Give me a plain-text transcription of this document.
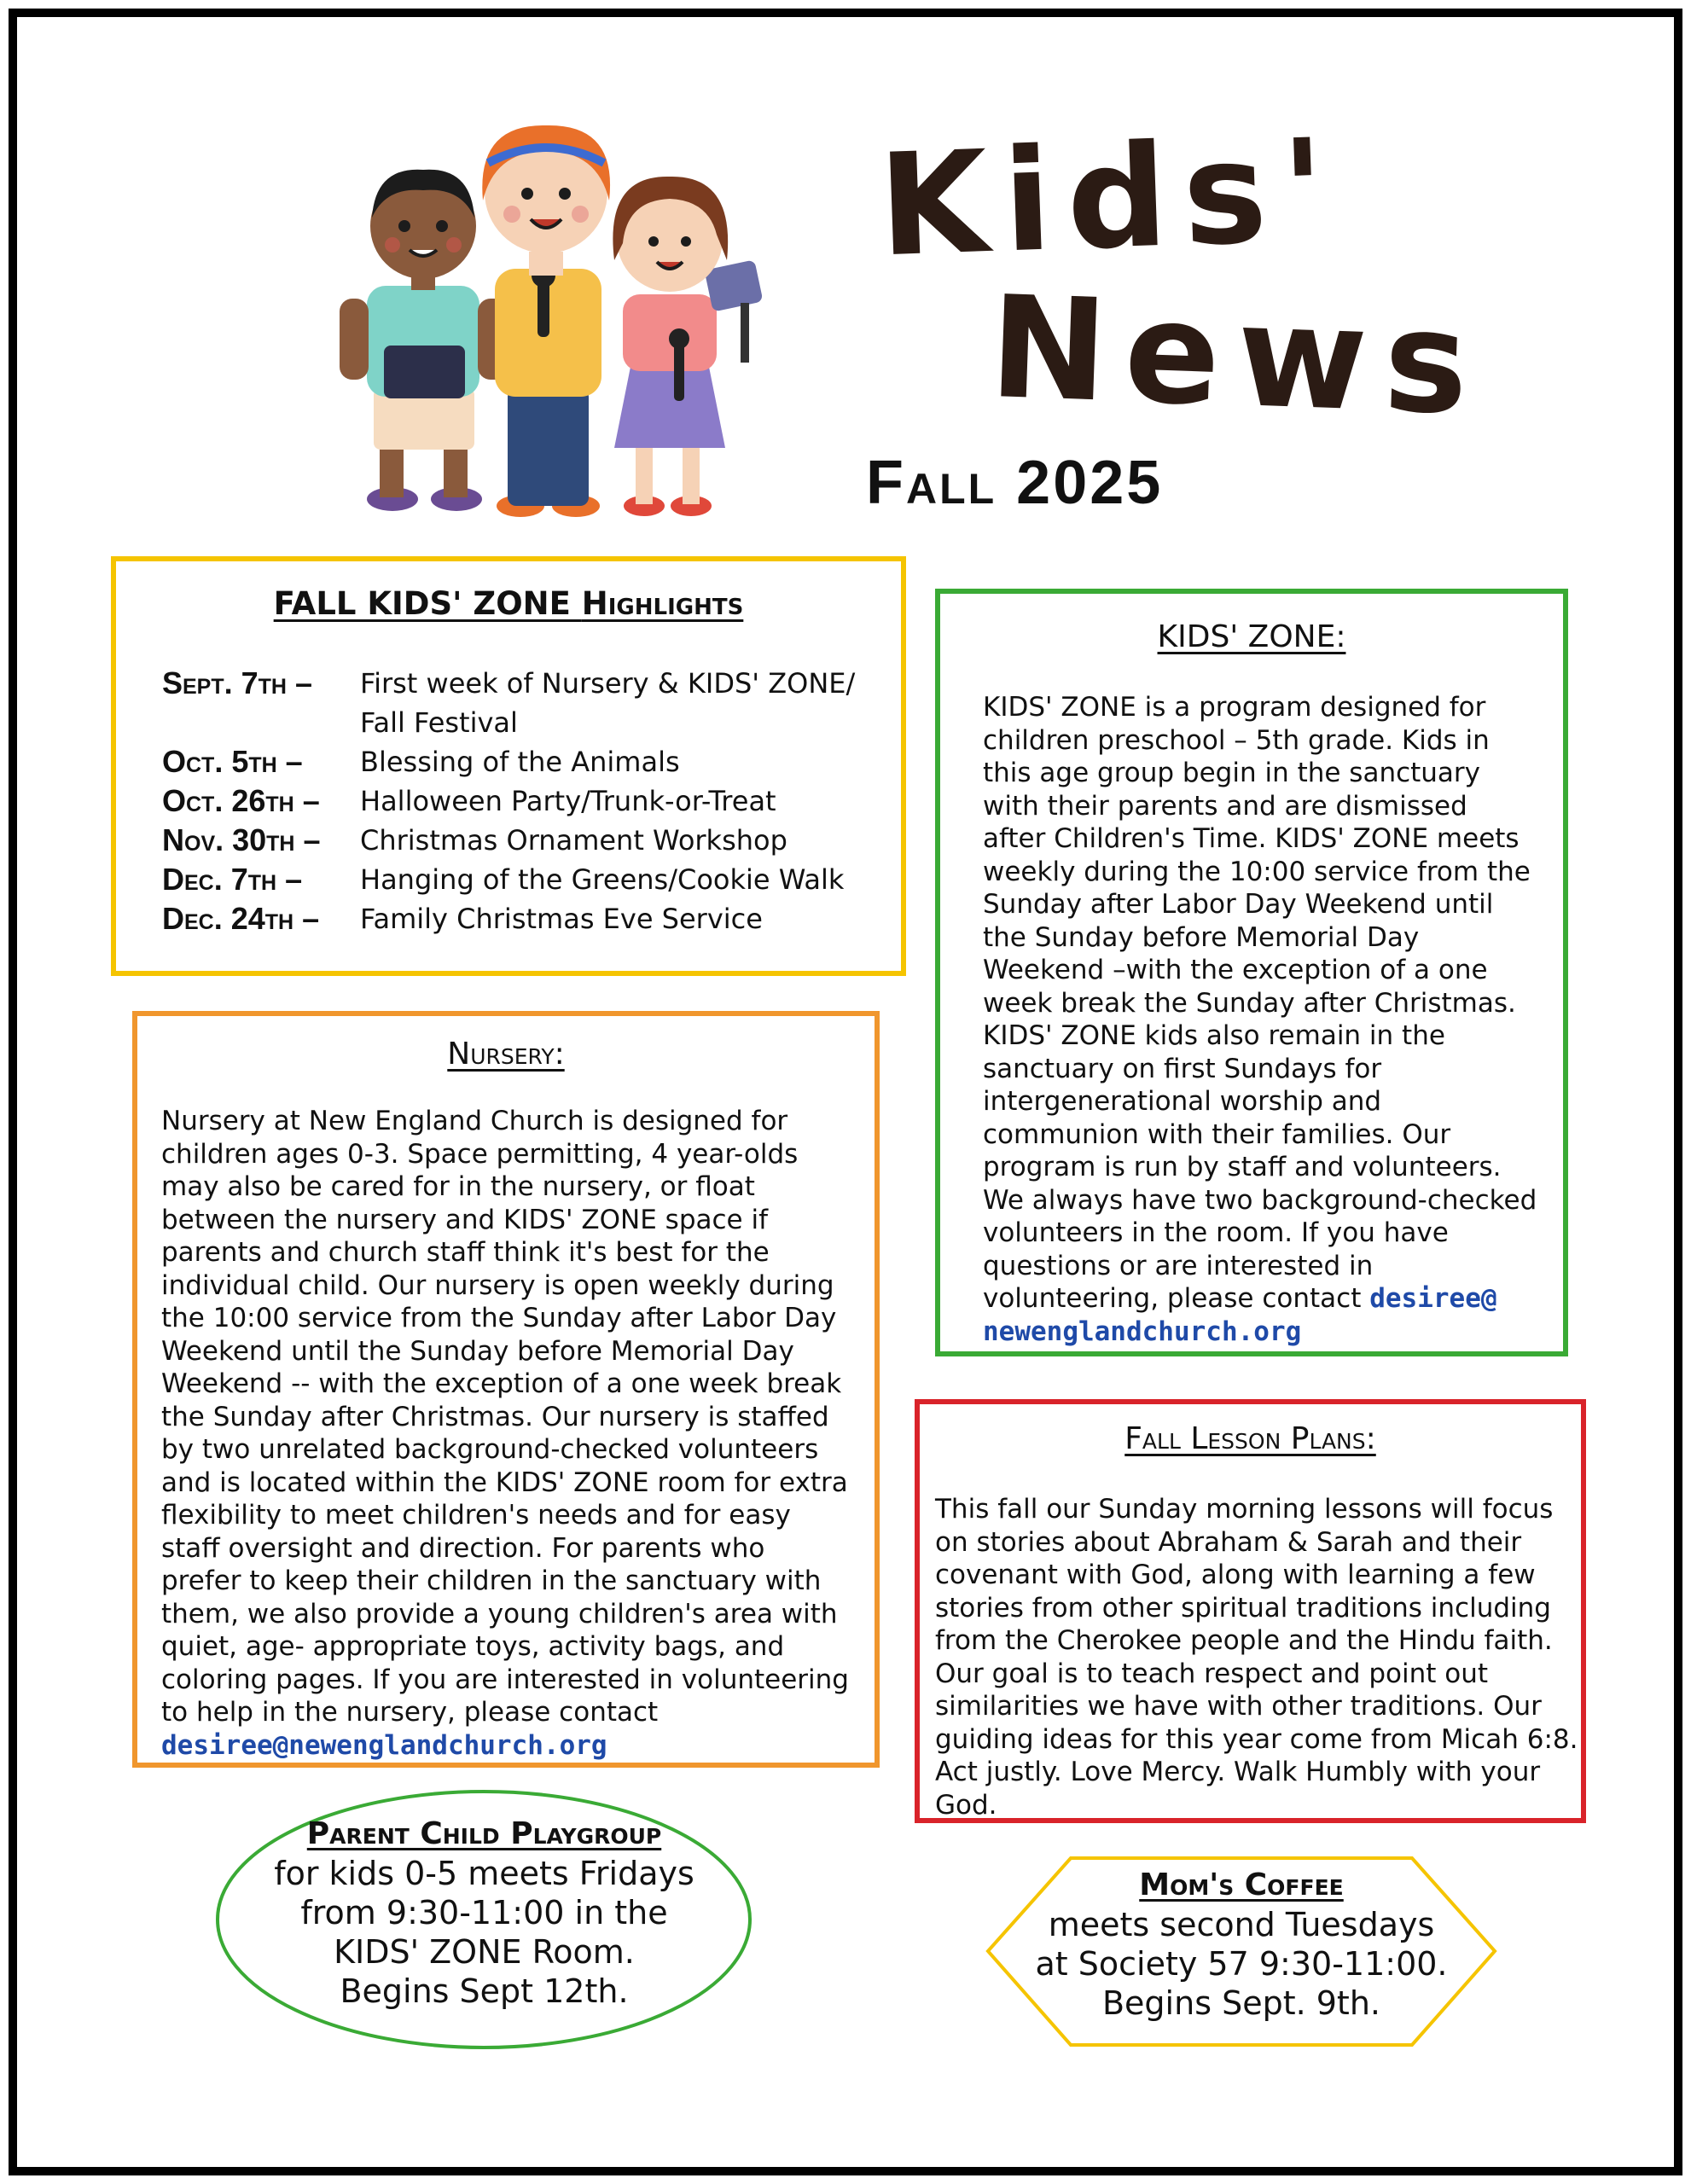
Kids'
News
Fall 2025
FALL KIDS' ZONE Highlights
Sept. 7th –	First week of Nursery & KIDS' ZONE/ Fall Festival
Oct. 5th –	Blessing of the Animals
Oct. 26th –	Halloween Party/Trunk-or-Treat
Nov. 30th –	Christmas Ornament Workshop
Dec. 7th –	Hanging of the Greens/Cookie Walk
Dec. 24th –	Family Christmas Eve Service
KIDS' ZONE:
KIDS' ZONE is a program designed for children preschool – 5th grade. Kids in this age group begin in the sanctuary with their parents and are dismissed after Children's Time. KIDS' ZONE meets weekly during the 10:00 service from the Sunday after Labor Day Weekend until the Sunday before Memorial Day Weekend –with the exception of a one week break the Sunday after Christmas. KIDS' ZONE kids also remain in the sanctuary on first Sundays for intergenerational worship and communion with their families. Our program is run by staff and volunteers. We always have two background-checked volunteers in the room. If you have questions or are interested in volunteering, please contact desiree@ newenglandchurch.org
Nursery:
Nursery at New England Church is designed for children ages 0-3. Space permitting, 4 year-olds may also be cared for in the nursery, or float between the nursery and KIDS' ZONE space if parents and church staff think it's best for the individual child. Our nursery is open weekly during the 10:00 service from the Sunday after Labor Day Weekend until the Sunday before Memorial Day Weekend -- with the exception of a one week break the Sunday after Christmas. Our nursery is staffed by two unrelated background-checked volunteers and is located within the KIDS' ZONE room for extra flexibility to meet children's needs and for easy staff oversight and direction. For parents who prefer to keep their children in the sanctuary with them, we also provide a young children's area with quiet, age- appropriate toys, activity bags, and coloring pages. If you are interested in volunteering to help in the nursery, please contact desiree@newenglandchurch.org
Fall Lesson Plans:
This fall our Sunday morning lessons will focus on stories about Abraham & Sarah and their covenant with God, along with learning a few stories from other spiritual traditions including from the Cherokee people and the Hindu faith. Our goal is to teach respect and point out similarities we have with other traditions. Our guiding ideas for this year come from Micah 6:8. Act justly. Love Mercy. Walk Humbly with your God.
Parent Child Playgroup
for kids 0-5 meets Fridays
from 9:30-11:00 in the
KIDS' ZONE Room.
Begins Sept 12th.
Mom's Coffee
meets second Tuesdays
at Society 57 9:30-11:00.
Begins Sept. 9th.
